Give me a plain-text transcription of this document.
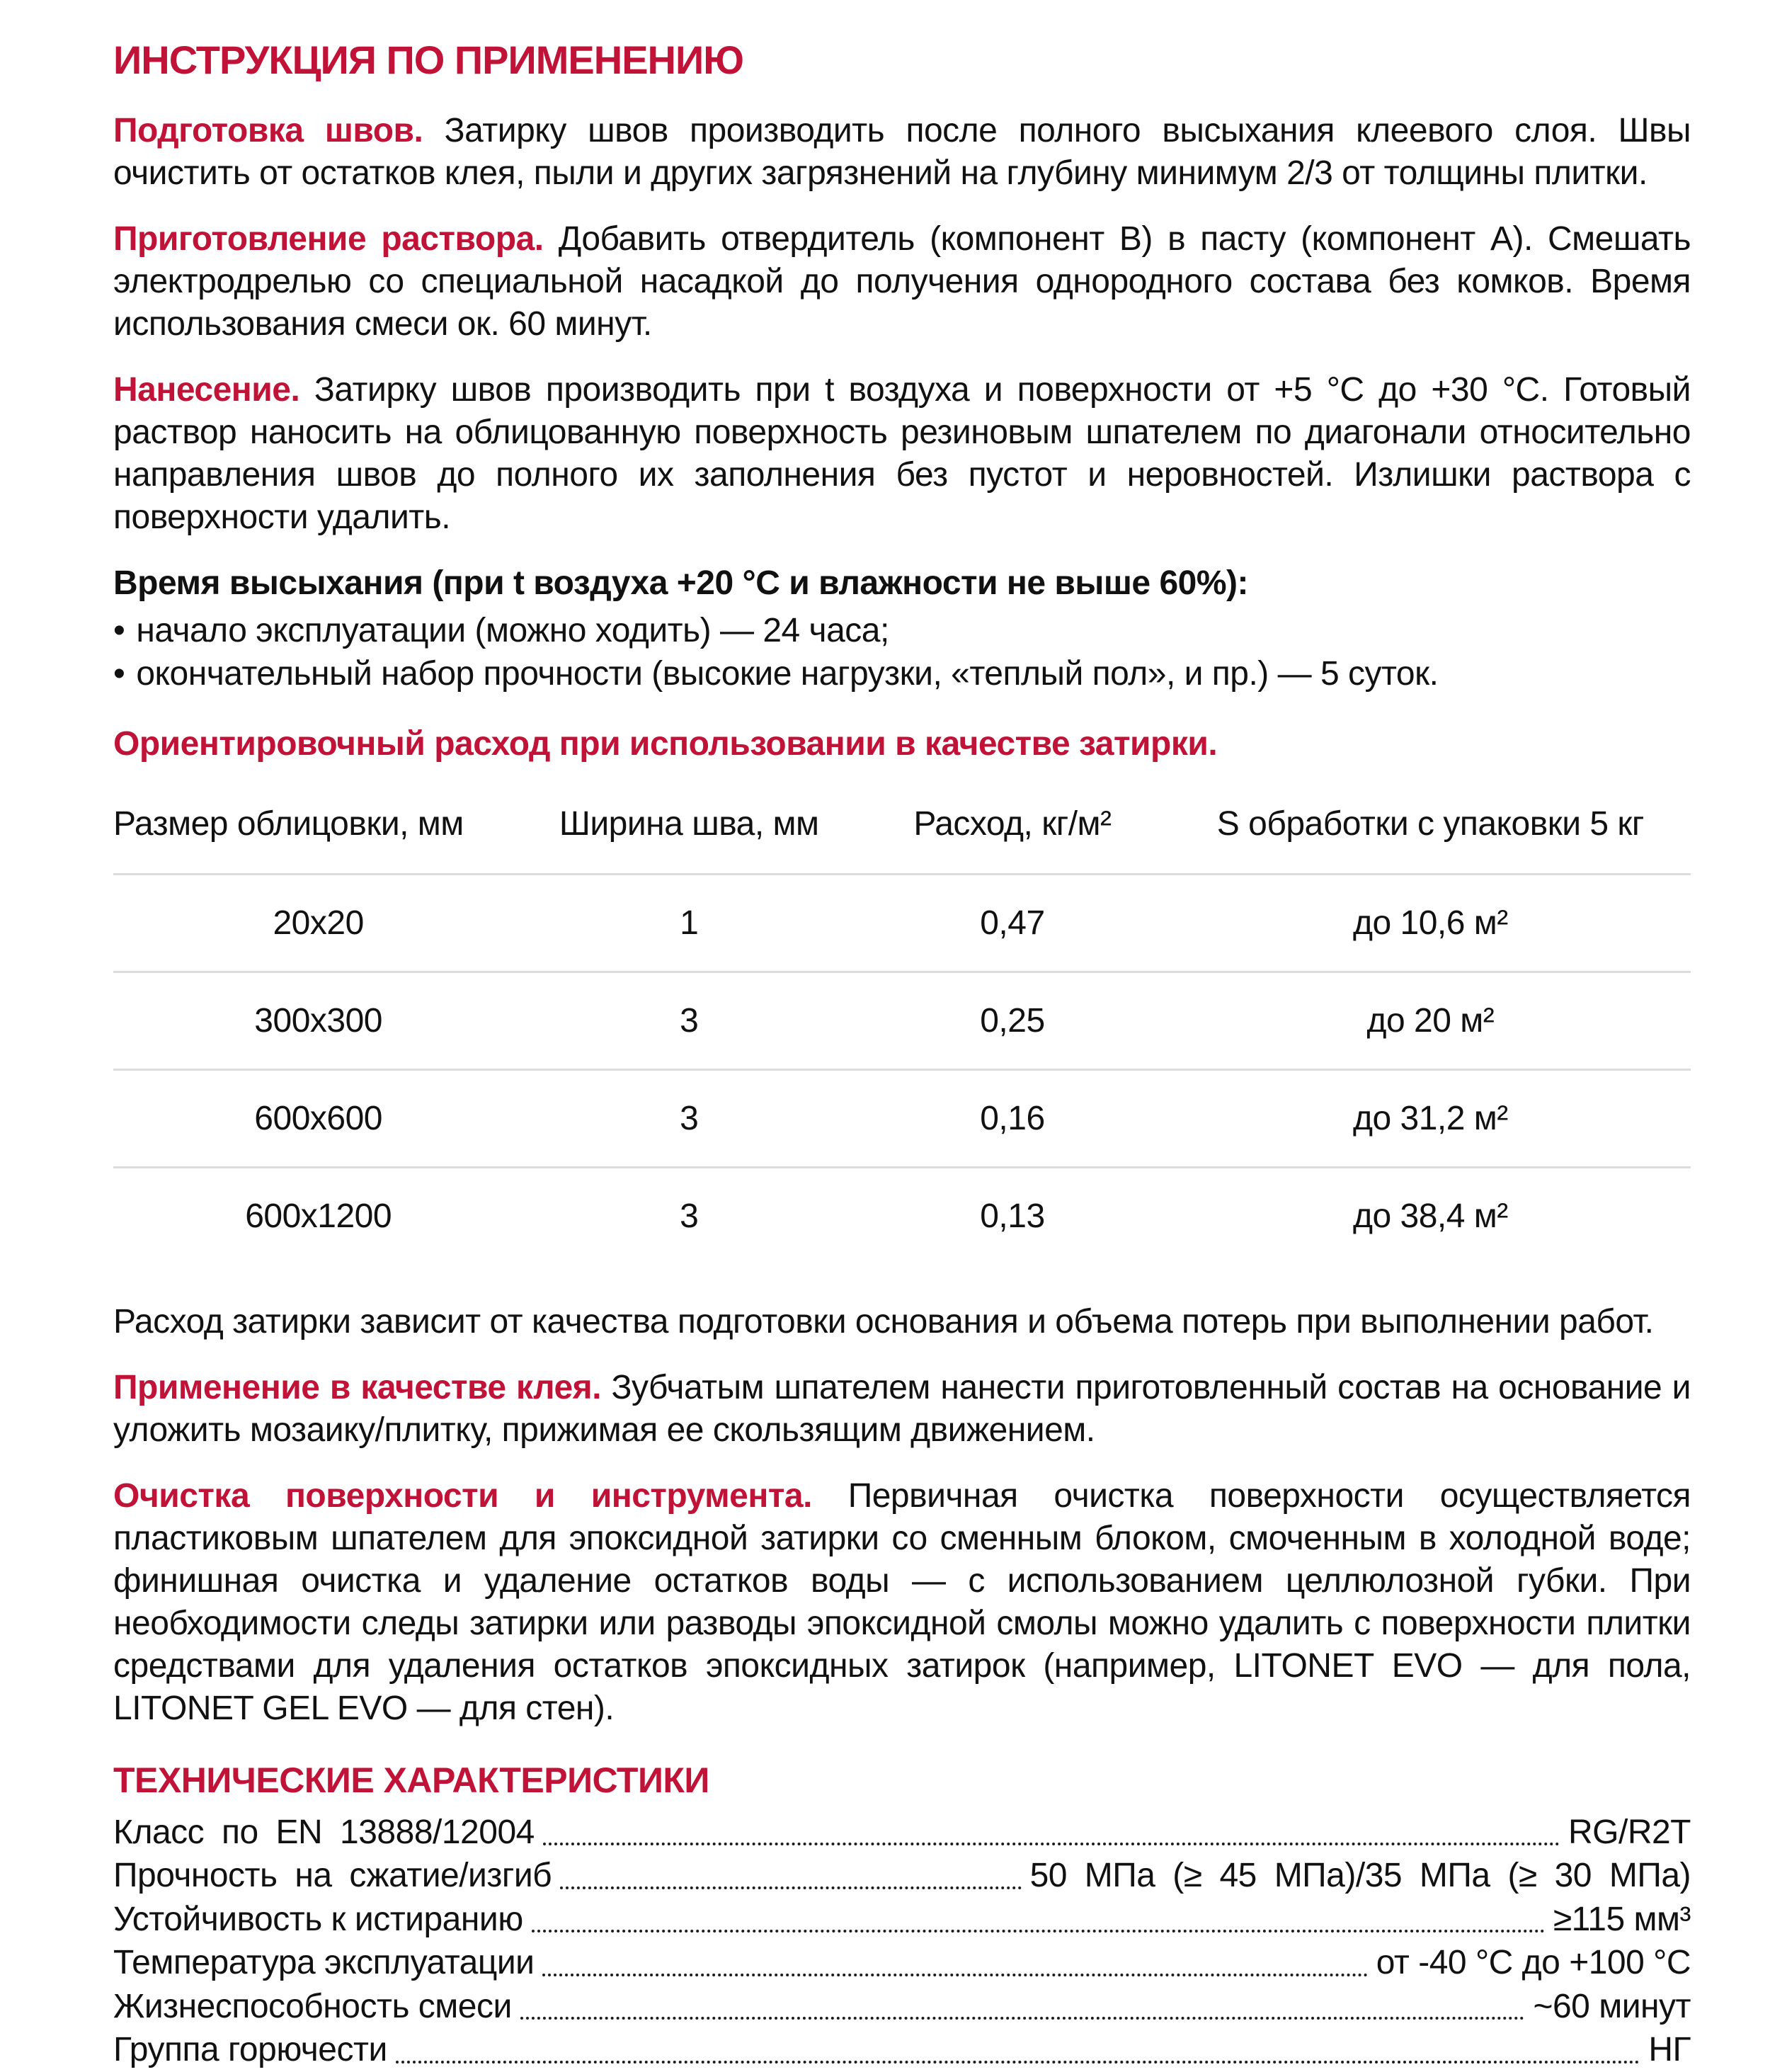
ИНСТРУКЦИЯ ПО ПРИМЕНЕНИЮ

Подготовка швов. Затирку швов производить после полного высыхания клеевого слоя. Швы очистить от остатков клея, пыли и других загрязнений на глубину минимум 2/3 от толщины плитки.

Приготовление раствора. Добавить отвердитель (компонент B) в пасту (компонент A). Смешать электродрелью со специальной насадкой до получения однородного состава без комков. Время использования смеси ок. 60 минут.

Нанесение. Затирку швов производить при t воздуха и поверхности от +5 °C до +30 °C. Готовый раствор наносить на облицованную поверхность резиновым шпателем по диагонали относительно направления швов до полного их заполнения без пустот и неровностей. Излишки раствора с поверхности удалить.

Время высыхания (при t воздуха +20 °C и влажности не выше 60%):
• начало эксплуатации (можно ходить) — 24 часа;
• окончательный набор прочности (высокие нагрузки, «теплый пол», и пр.) — 5 суток.
Ориентировочный расход при использовании в качестве затирки.
Размер облицовки, мм	Ширина шва, мм	Расход, кг/м²	S обработки с упаковки 5 кг
20x20	1	0,47	до 10,6 м²
300x300	3	0,25	до 20 м²
600x600	3	0,16	до 31,2 м²
600x1200	3	0,13	до 38,4 м²

Расход затирки зависит от качества подготовки основания и объема потерь при выполнении работ.

Применение в качестве клея. Зубчатым шпателем нанести приготовленный состав на основание и уложить мозаику/плитку, прижимая ее скользящим движением.

Очистка поверхности и инструмента. Первичная очистка поверхности осуществляется пластиковым шпателем для эпоксидной затирки со сменным блоком, смоченным в холодной воде; финишная очистка и удаление остатков воды — с использованием целлюлозной губки. При необходимости следы затирки или разводы эпоксидной смолы можно удалить с поверхности плитки средствами для удаления остатков эпоксидных затирок (например, LITONET EVO — для пола, LITONET GEL EVO — для стен).

ТЕХНИЧЕСКИЕ ХАРАКТЕРИСТИКИ
Класс по EN 13888/12004	RG/R2T
Прочность на сжатие/изгиб	50 МПа (≥ 45 МПа)/35 МПа (≥ 30 МПа)
Устойчивость к истиранию	≥115 мм³
Температура эксплуатации	от -40 °C до +100 °C
Жизнеспособность смеси	~60 минут
Группа горючести	НГ
